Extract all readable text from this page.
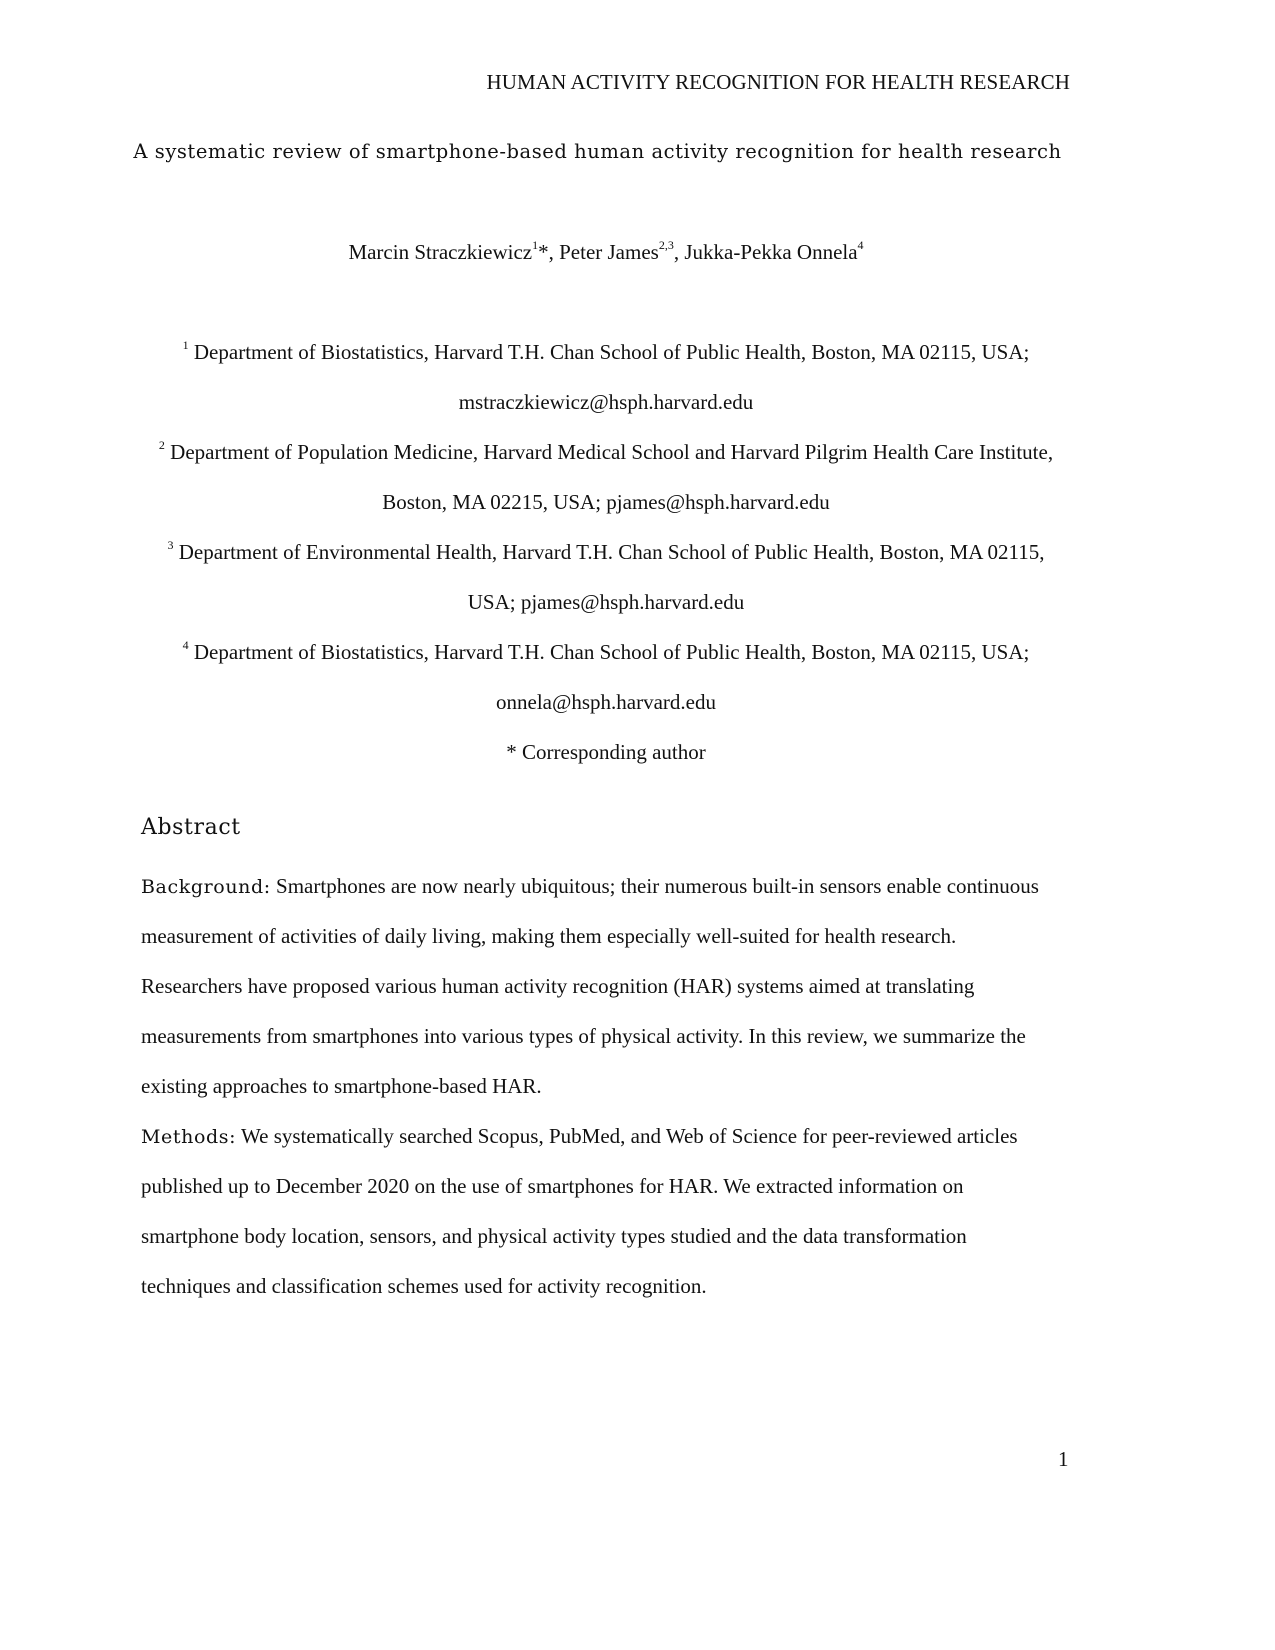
HUMAN ACTIVITY RECOGNITION FOR HEALTH RESEARCH
A systematic review of smartphone-based human activity recognition for health research
Marcin Straczkiewicz$^1$*, Peter James$^{2,3}$, Jukka-Pekka Onnela$^4$
$^1$ Department of Biostatistics, Harvard T.H. Chan School of Public Health, Boston, MA 02115, USA;
mstraczkiewicz@hsph.harvard.edu
$^2$ Department of Population Medicine, Harvard Medical School and Harvard Pilgrim Health Care Institute,
Boston, MA 02215, USA; pjames@hsph.harvard.edu
$^3$ Department of Environmental Health, Harvard T.H. Chan School of Public Health, Boston, MA 02115,
USA; pjames@hsph.harvard.edu
$^4$ Department of Biostatistics, Harvard T.H. Chan School of Public Health, Boston, MA 02115, USA;
onnela@hsph.harvard.edu
* Corresponding author
Abstract
Background: Smartphones are now nearly ubiquitous; their numerous built-in sensors enable continuous
measurement of activities of daily living, making them especially well-suited for health research.
Researchers have proposed various human activity recognition (HAR) systems aimed at translating
measurements from smartphones into various types of physical activity. In this review, we summarize the
existing approaches to smartphone-based HAR.
Methods: We systematically searched Scopus, PubMed, and Web of Science for peer-reviewed articles
published up to December 2020 on the use of smartphones for HAR. We extracted information on
smartphone body location, sensors, and physical activity types studied and the data transformation
techniques and classification schemes used for activity recognition.
1
